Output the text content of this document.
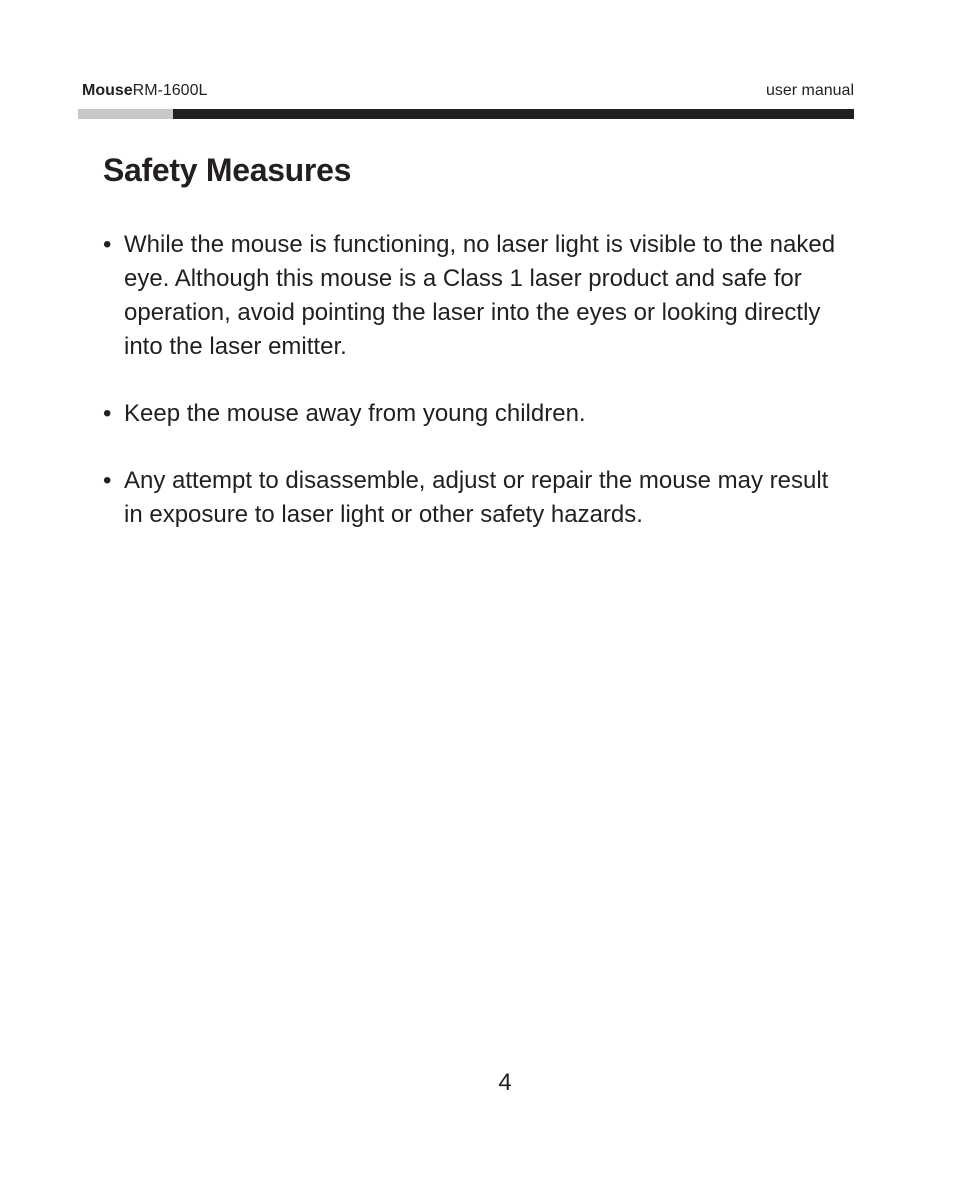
MouseRM-1600L	user manual
Safety Measures
• While the mouse is functioning, no laser light is visible to the naked eye. Although this mouse is a Class 1 laser product and safe for operation, avoid pointing the laser into the eyes or looking directly into the laser emitter.
• Keep the mouse away from young children.
• Any attempt to disassemble, adjust or repair the mouse may result in exposure to laser light or other safety hazards.
4
